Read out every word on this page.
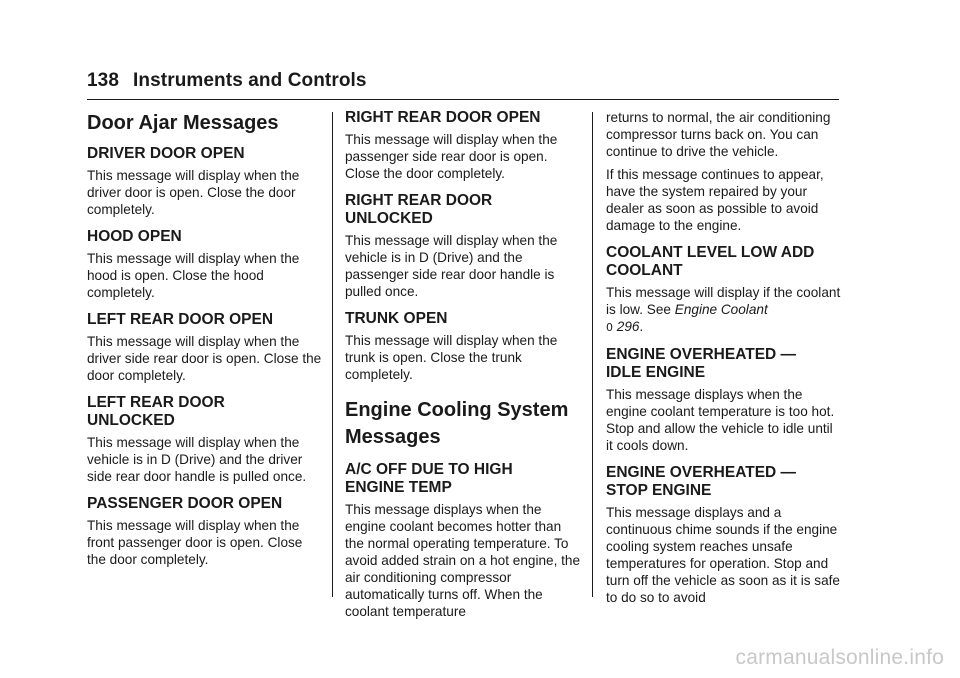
138 Instruments and Controls
Door Ajar Messages
DRIVER DOOR OPEN

This message will display when the driver door is open. Close the door completely.

HOOD OPEN

This message will display when the hood is open. Close the hood completely.

LEFT REAR DOOR OPEN

This message will display when the driver side rear door is open. Close the door completely.

LEFT REAR DOOR UNLOCKED

This message will display when the vehicle is in D (Drive) and the driver side rear door handle is pulled once.

PASSENGER DOOR OPEN

This message will display when the front passenger door is open. Close the door completely.

RIGHT REAR DOOR OPEN

This message will display when the passenger side rear door is open. Close the door completely.

RIGHT REAR DOOR UNLOCKED

This message will display when the vehicle is in D (Drive) and the passenger side rear door handle is pulled once.

TRUNK OPEN

This message will display when the trunk is open. Close the trunk completely.

Engine Cooling System Messages
A/C OFF DUE TO HIGH ENGINE TEMP

This message displays when the engine coolant becomes hotter than the normal operating temperature. To avoid added strain on a hot engine, the air conditioning compressor automatically turns off. When the coolant temperature

returns to normal, the air conditioning compressor turns back on. You can continue to drive the vehicle.

If this message continues to appear, have the system repaired by your dealer as soon as possible to avoid damage to the engine.

COOLANT LEVEL LOW ADD COOLANT

This message will display if the coolant is low. See Engine Coolant
0 296.

ENGINE OVERHEATED — IDLE ENGINE

This message displays when the engine coolant temperature is too hot. Stop and allow the vehicle to idle until it cools down.

ENGINE OVERHEATED — STOP ENGINE

This message displays and a continuous chime sounds if the engine cooling system reaches unsafe temperatures for operation. Stop and turn off the vehicle as soon as it is safe to do so to avoid

carmanualsonline.info
